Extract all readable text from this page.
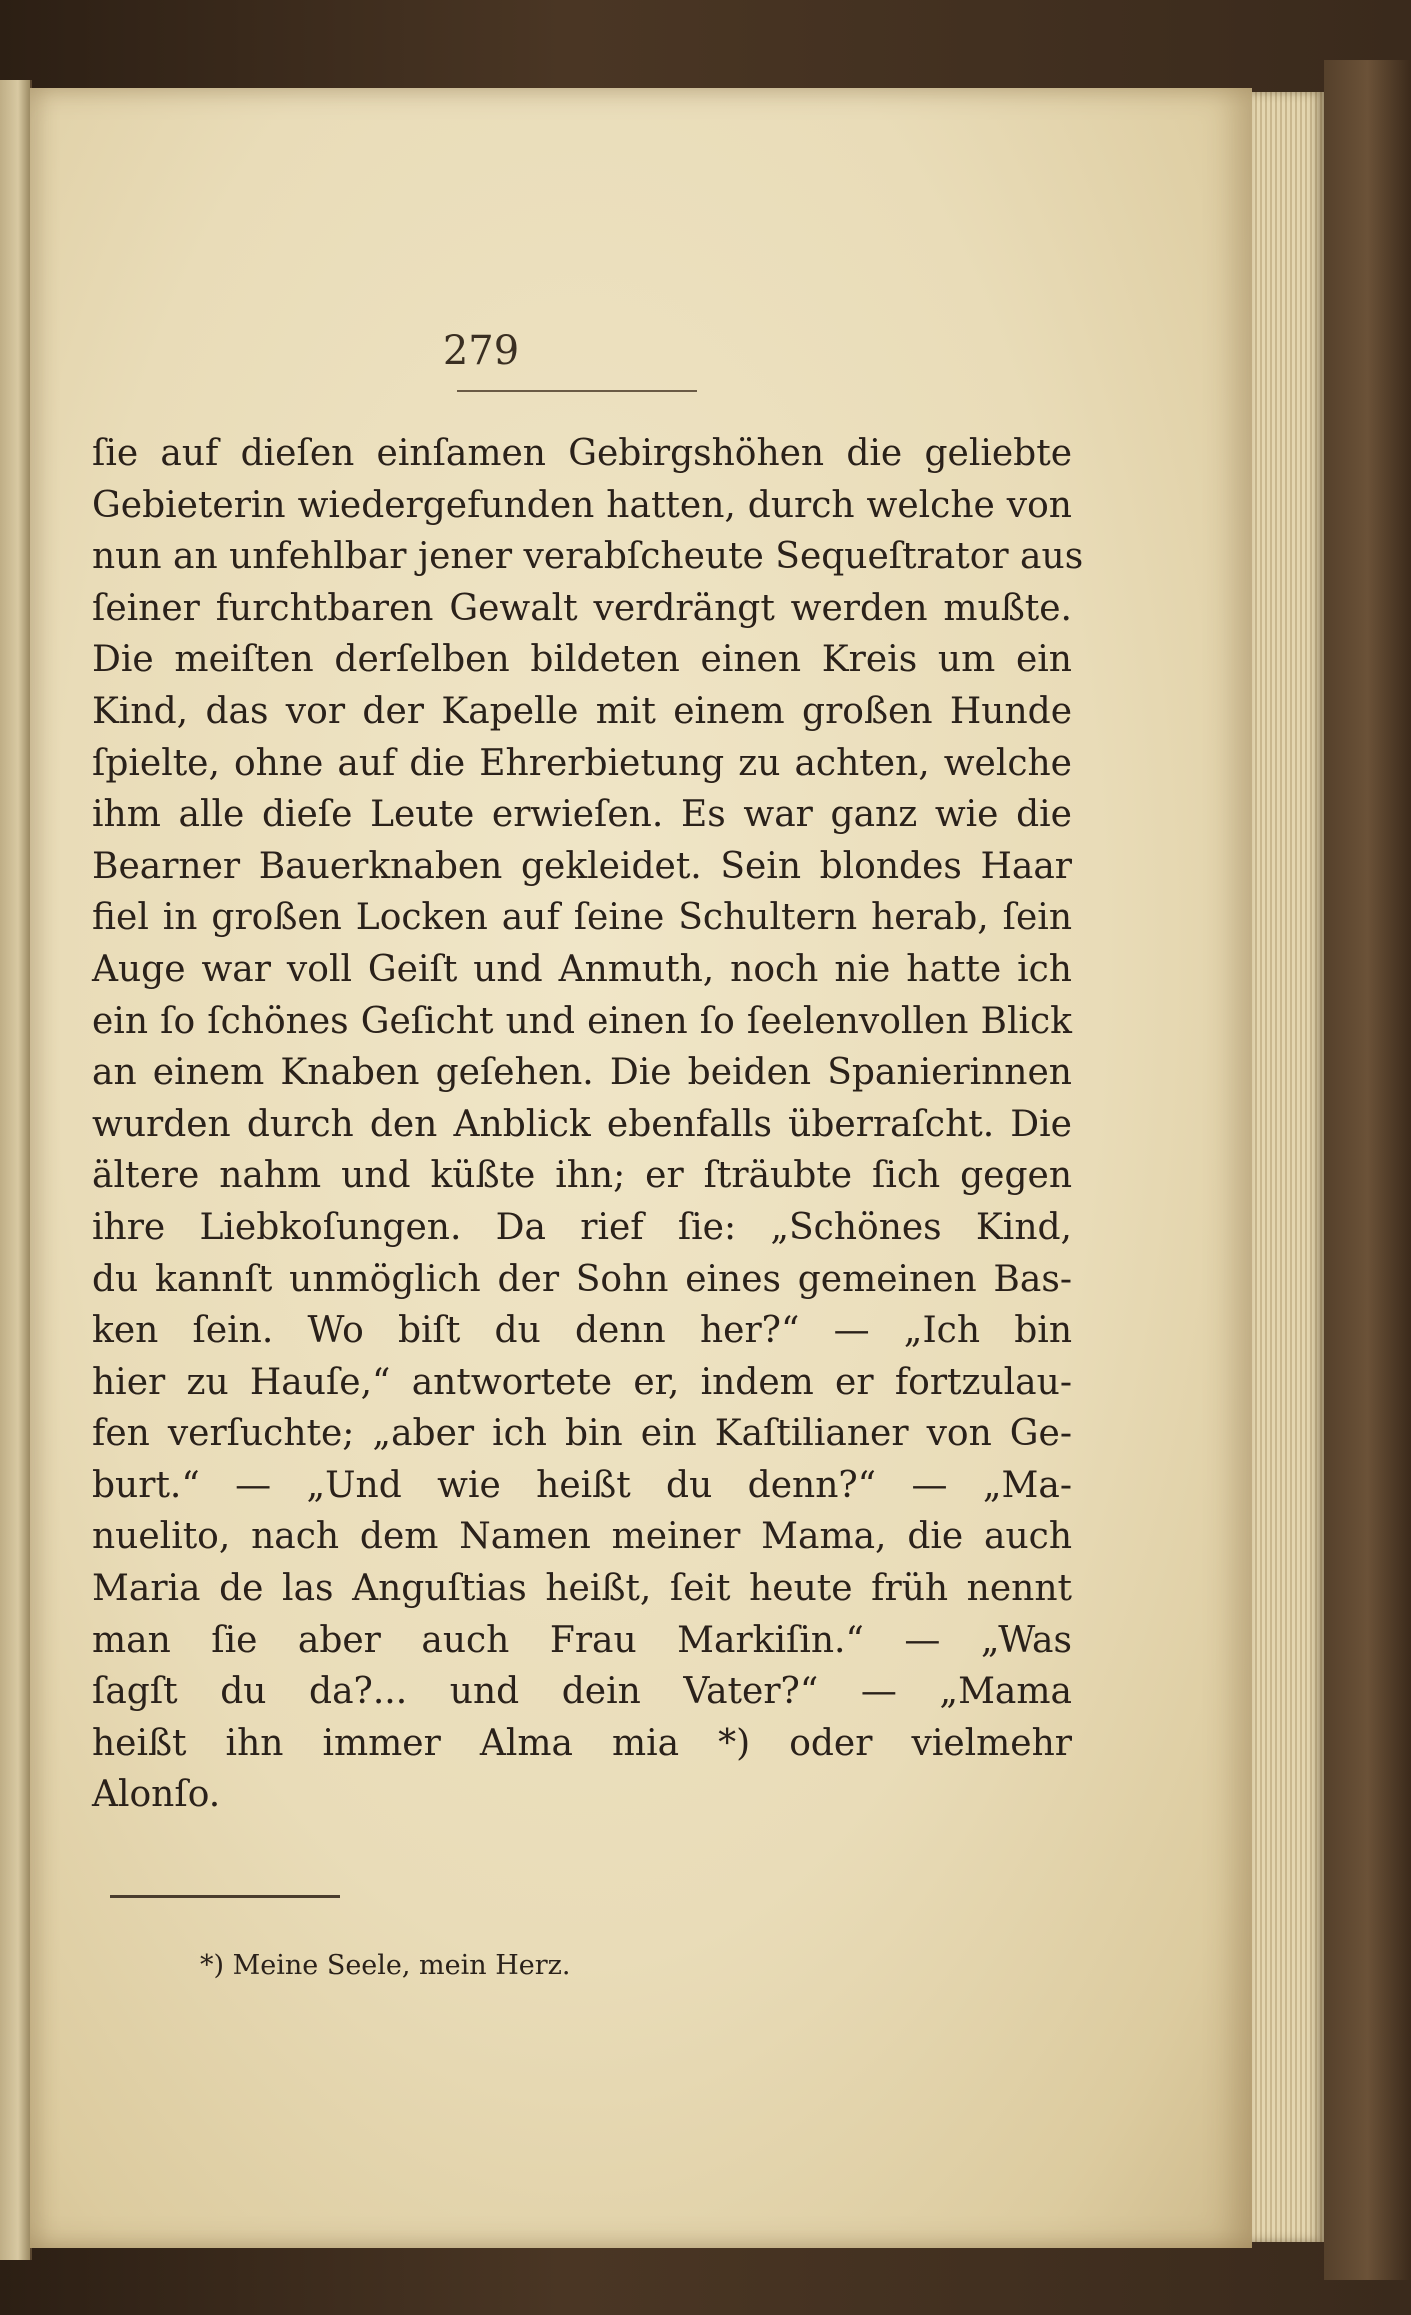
279
ſie auf dieſen einſamen Gebirgshöhen die geliebte
Gebieterin wiedergefunden hatten, durch welche von
nun an unfehlbar jener verabſcheute Sequeſtrator aus
ſeiner furchtbaren Gewalt verdrängt werden mußte.
Die meiſten derſelben bildeten einen Kreis um ein
Kind, das vor der Kapelle mit einem großen Hunde
ſpielte, ohne auf die Ehrerbietung zu achten, welche
ihm alle dieſe Leute erwieſen. Es war ganz wie die
Bearner Bauerknaben gekleidet. Sein blondes Haar
fiel in großen Locken auf ſeine Schultern herab, ſein
Auge war voll Geiſt und Anmuth, noch nie hatte ich
ein ſo ſchönes Geſicht und einen ſo ſeelenvollen Blick
an einem Knaben geſehen. Die beiden Spanierinnen
wurden durch den Anblick ebenfalls überraſcht. Die
ältere nahm und küßte ihn; er ſträubte ſich gegen
ihre Liebkoſungen. Da rief ſie: „Schönes Kind,
du kannſt unmöglich der Sohn eines gemeinen Bas-
ken ſein. Wo biſt du denn her?“ — „Ich bin
hier zu Hauſe,“ antwortete er, indem er fortzulau-
fen verſuchte; „aber ich bin ein Kaſtilianer von Ge-
burt.“ — „Und wie heißt du denn?“ — „Ma-
nuelito, nach dem Namen meiner Mama, die auch
Maria de las Anguſtias heißt, ſeit heute früh nennt
man ſie aber auch Frau Markiſin.“ — „Was
ſagſt du da?... und dein Vater?“ — „Mama
heißt ihn immer Alma mia *) oder vielmehr
Alonſo.
*) Meine Seele, mein Herz.
